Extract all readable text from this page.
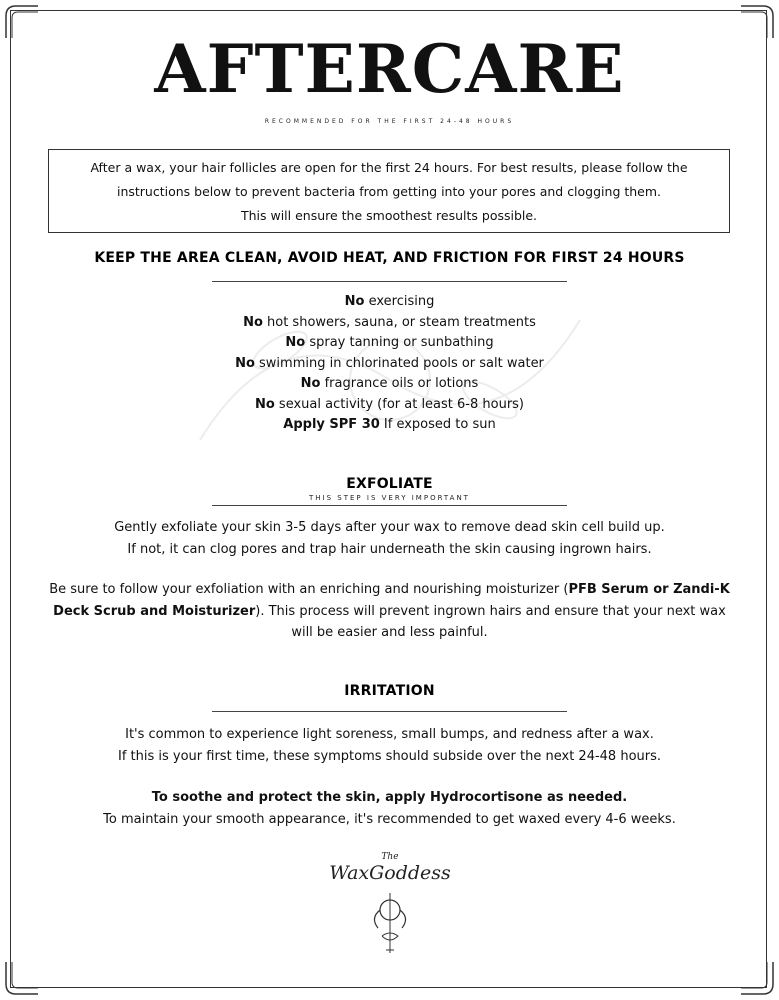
AFTERCARE
RECOMMENDED FOR THE FIRST 24-48 HOURS
After a wax, your hair follicles are open for the first 24 hours. For best results, please follow the
instructions below to prevent bacteria from getting into your pores and clogging them.
This will ensure the smoothest results possible.
KEEP THE AREA CLEAN, AVOID HEAT, AND FRICTION FOR FIRST 24 HOURS
No exercising
No hot showers, sauna, or steam treatments
No spray tanning or sunbathing
No swimming in chlorinated pools or salt water
No fragrance oils or lotions
No sexual activity (for at least 6-8 hours)
Apply SPF 30 If exposed to sun
EXFOLIATE
THIS STEP IS VERY IMPORTANT
Gently exfoliate your skin 3-5 days after your wax to remove dead skin cell build up.
If not, it can clog pores and trap hair underneath the skin causing ingrown hairs.
Be sure to follow your exfoliation with an enriching and nourishing moisturizer (PFB Serum or Zandi-K
Deck Scrub and Moisturizer). This process will prevent ingrown hairs and ensure that your next wax
will be easier and less painful.
IRRITATION
It's common to experience light soreness, small bumps, and redness after a wax.
If this is your first time, these symptoms should subside over the next 24-48 hours.
To soothe and protect the skin, apply Hydrocortisone as needed.
To maintain your smooth appearance, it's recommended to get waxed every 4-6 weeks.
The
WaxGoddess
